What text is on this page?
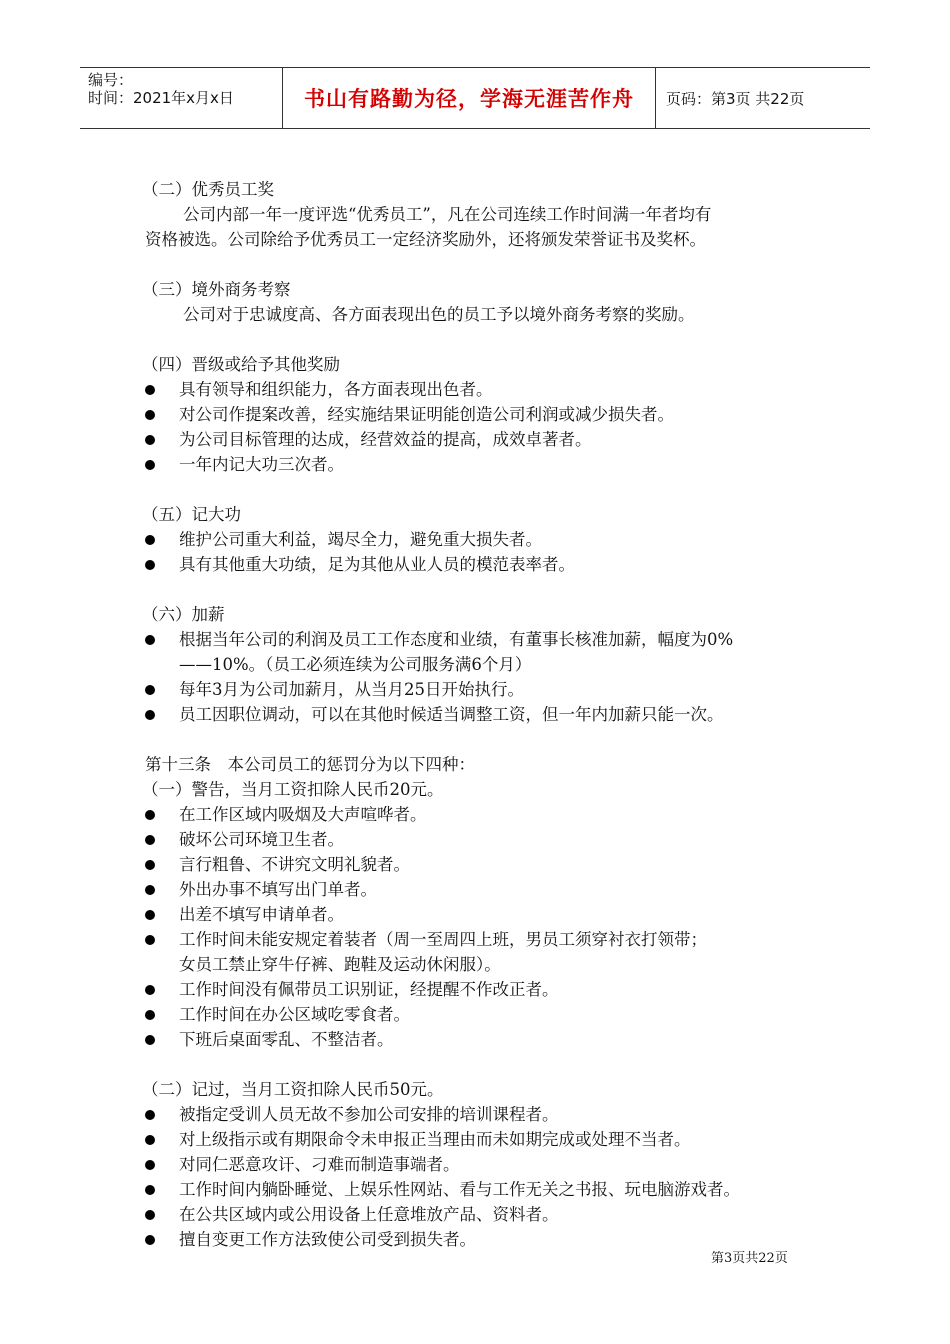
编号：
时间：2021年x月x日	书山有路勤为径，学海无涯苦作舟 页码：第3页 共22页
（二）优秀员工奖
公司内部一年一度评选“优秀员工”，凡在公司连续工作时间满一年者均有
资格被选。公司除给予优秀员工一定经济奖励外，还将颁发荣誉证书及奖杯。
（三）境外商务考察
公司对于忠诚度高、各方面表现出色的员工予以境外商务考察的奖励。
（四）晋级或给予其他奖励
具有领导和组织能力，各方面表现出色者。
对公司作提案改善，经实施结果证明能创造公司利润或减少损失者。
为公司目标管理的达成，经营效益的提高，成效卓著者。
一年内记大功三次者。
（五）记大功
维护公司重大利益，竭尽全力，避免重大损失者。
具有其他重大功绩，足为其他从业人员的模范表率者。
（六）加薪
根据当年公司的利润及员工工作态度和业绩，有董事长核准加薪，幅度为0%
——10%。（员工必须连续为公司服务满6个月）
每年3月为公司加薪月，从当月25日开始执行。
员工因职位调动，可以在其他时候适当调整工资，但一年内加薪只能一次。
第十三条　本公司员工的惩罚分为以下四种：
（一）警告，当月工资扣除人民币20元。
在工作区域内吸烟及大声喧哗者。
破坏公司环境卫生者。
言行粗鲁、不讲究文明礼貌者。
外出办事不填写出门单者。
出差不填写申请单者。
工作时间未能安规定着装者（周一至周四上班，男员工须穿衬衣打领带；
女员工禁止穿牛仔裤、跑鞋及运动休闲服）。
工作时间没有佩带员工识别证，经提醒不作改正者。
工作时间在办公区域吃零食者。
下班后桌面零乱、不整洁者。
（二）记过，当月工资扣除人民币50元。
被指定受训人员无故不参加公司安排的培训课程者。
对上级指示或有期限命令未申报正当理由而未如期完成或处理不当者。
对同仁恶意攻讦、刁难而制造事端者。
工作时间内躺卧睡觉、上娱乐性网站、看与工作无关之书报、玩电脑游戏者。
在公共区域内或公用设备上任意堆放产品、资料者。
擅自变更工作方法致使公司受到损失者。
第3页共22页
